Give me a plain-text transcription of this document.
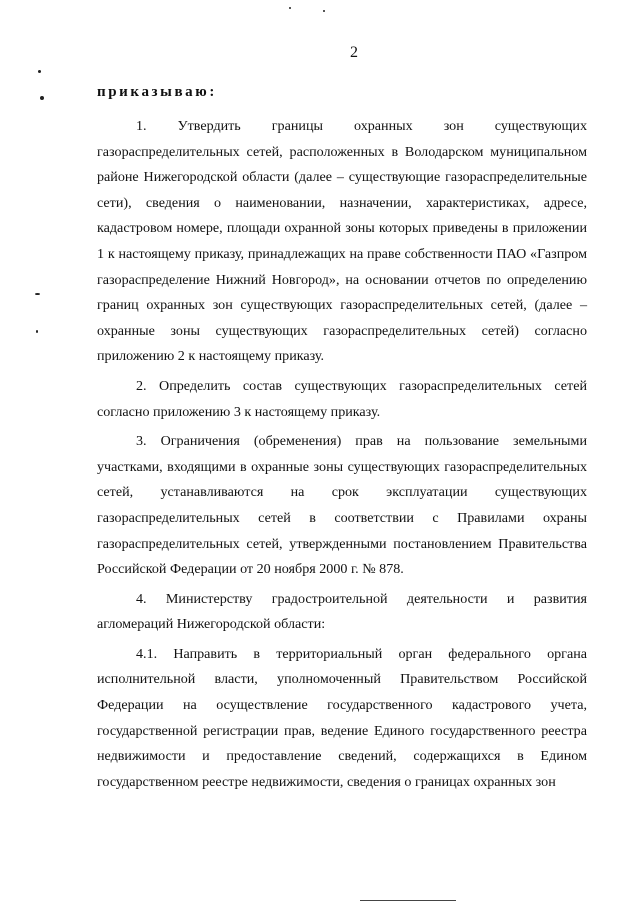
2
приказываю:

1. Утвердить границы охранных зон существующих газораспределительных сетей, расположенных в Володарском муниципальном районе Нижегородской области (далее – существующие газораспределительные сети), сведения о наименовании, назначении, характеристиках, адресе, кадастровом номере, площади охранной зоны которых приведены в приложении 1 к настоящему приказу, принадлежащих на праве собственности ПАО «Газпром газораспределение Нижний Новгород», на основании отчетов по определению границ охранных зон существующих газораспределительных сетей, (далее – охранные зоны существующих газораспределительных сетей) согласно приложению 2 к настоящему приказу.

2. Определить состав существующих газораспределительных сетей согласно приложению 3 к настоящему приказу.

3. Ограничения (обременения) прав на пользование земельными участками, входящими в охранные зоны существующих газораспределительных сетей, устанавливаются на срок эксплуатации существующих газораспределительных сетей в соответствии с Правилами охраны газораспределительных сетей, утвержденными постановлением Правительства Российской Федерации от 20 ноября 2000 г. № 878.

4. Министерству градостроительной деятельности и развития агломераций Нижегородской области:

4.1. Направить в территориальный орган федерального органа исполнительной власти, уполномоченный Правительством Российской Федерации на осуществление государственного кадастрового учета, государственной регистрации прав, ведение Единого государственного реестра недвижимости и предоставление сведений, содержащихся в Едином государственном реестре недвижимости, сведения о границах охранных зон
